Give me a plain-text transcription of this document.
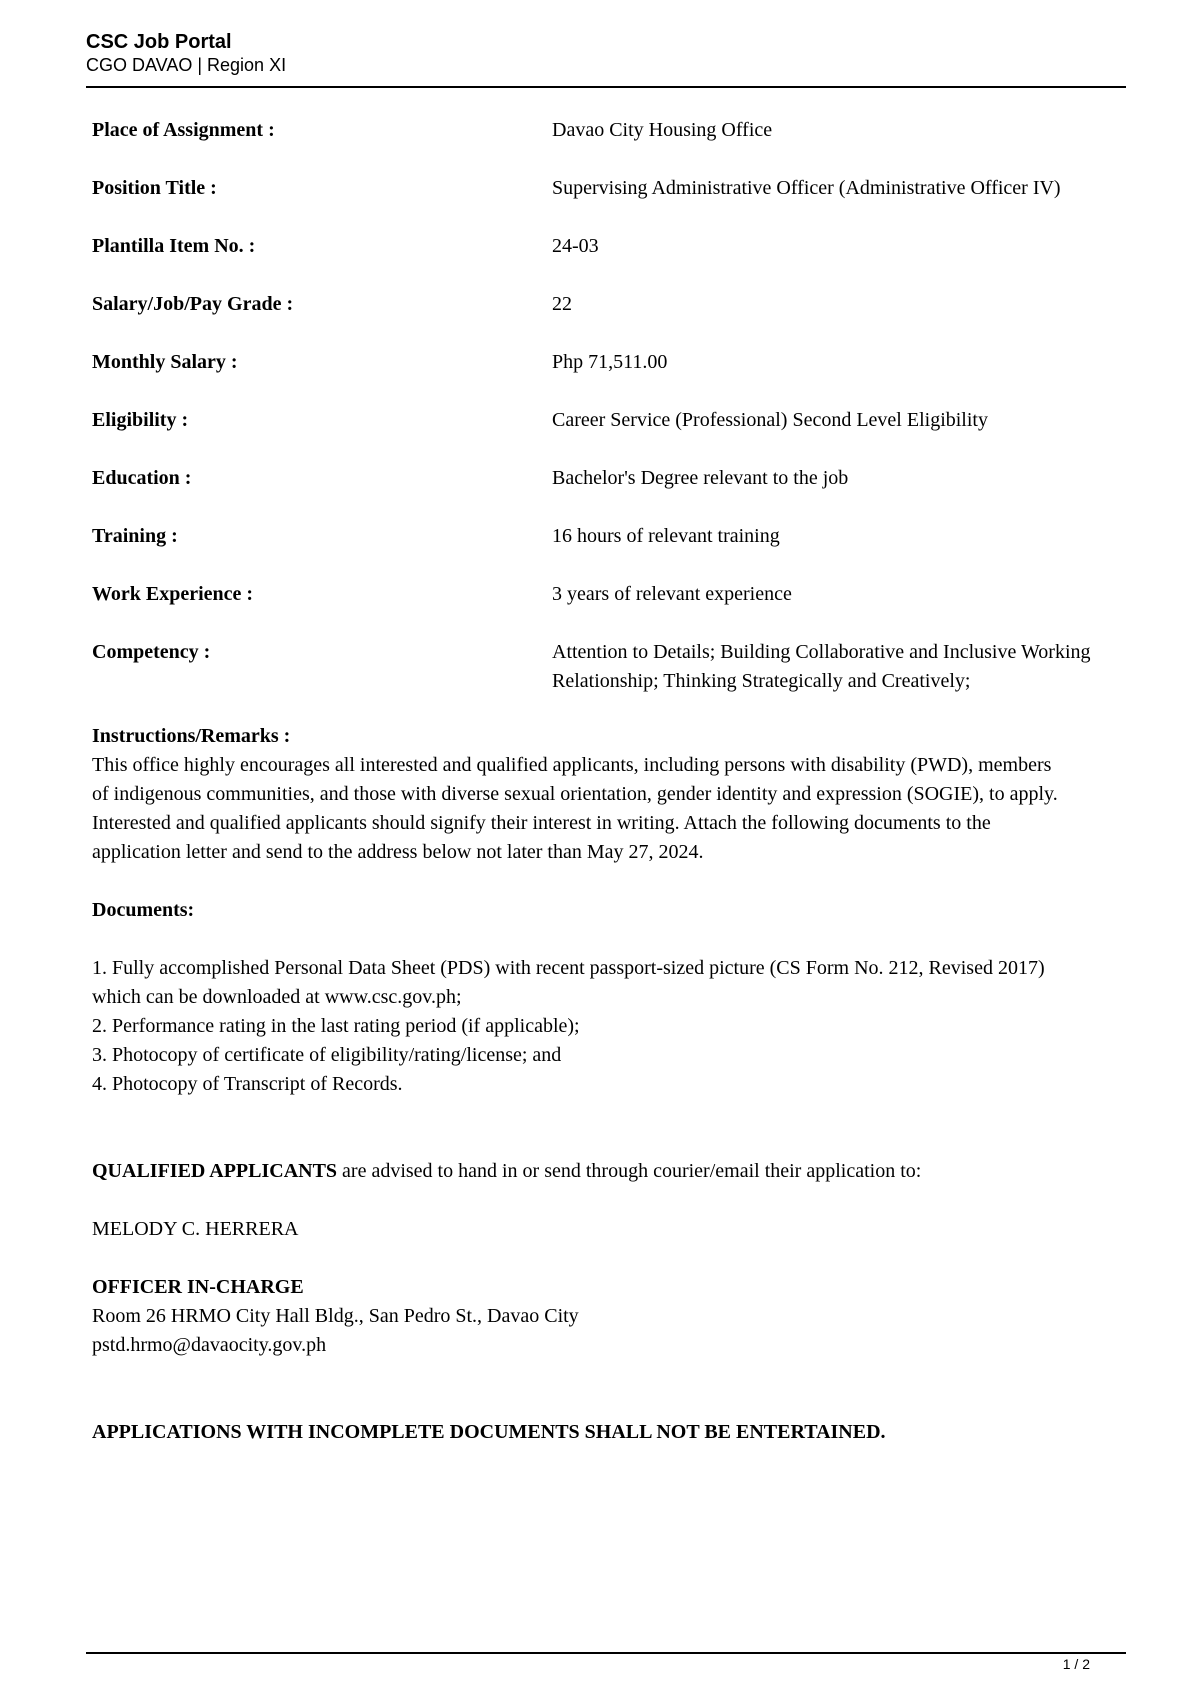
CSC Job Portal
CGO DAVAO | Region XI
Place of Assignment :	Davao City Housing Office
Position Title :	Supervising Administrative Officer (Administrative Officer IV)
Plantilla Item No. :	24-03
Salary/Job/Pay Grade :	22
Monthly Salary :	Php 71,511.00
Eligibility :	Career Service (Professional) Second Level Eligibility
Education :	Bachelor's Degree relevant to the job
Training :	16 hours of relevant training
Work Experience :	3 years of relevant experience
Competency :	Attention to Details; Building Collaborative and Inclusive Working Relationship; Thinking Strategically and Creatively;
Instructions/Remarks :
This office highly encourages all interested and qualified applicants, including persons with disability (PWD), members of indigenous communities, and those with diverse sexual orientation, gender identity and expression (SOGIE), to apply. Interested and qualified applicants should signify their interest in writing. Attach the following documents to the application letter and send to the address below not later than May 27, 2024.
Documents:
1. Fully accomplished Personal Data Sheet (PDS) with recent passport-sized picture (CS Form No. 212, Revised 2017) which can be downloaded at www.csc.gov.ph;
2. Performance rating in the last rating period (if applicable);
3. Photocopy of certificate of eligibility/rating/license; and
4. Photocopy of Transcript of Records.
QUALIFIED APPLICANTS are advised to hand in or send through courier/email their application to:
MELODY C. HERRERA
OFFICER IN-CHARGE
Room 26 HRMO City Hall Bldg., San Pedro St., Davao City
pstd.hrmo@davaocity.gov.ph
APPLICATIONS WITH INCOMPLETE DOCUMENTS SHALL NOT BE ENTERTAINED.
1 / 2
